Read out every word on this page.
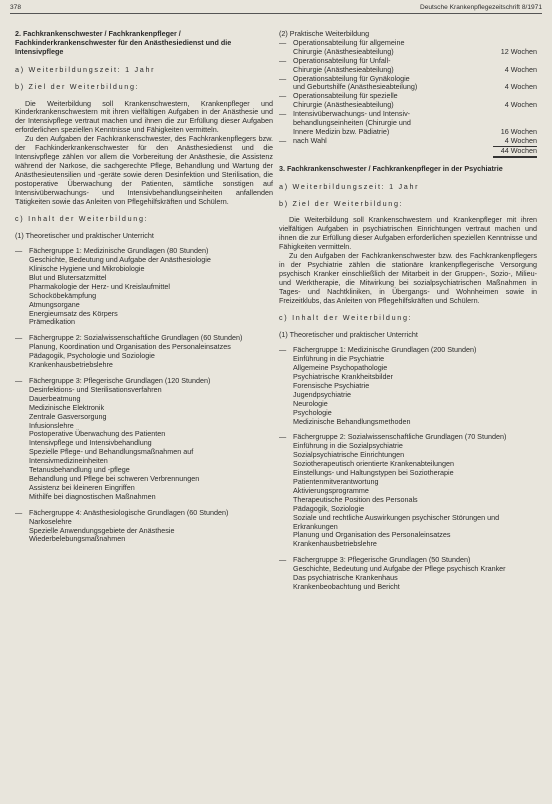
378	Deutsche Krankenpflegezeitschrift 8/1971

2. Fachkrankenschwester / Fachkrankenpfleger / Fachkinderkrankenschwester für den Anästhesiedienst und die Intensivpflege

a) Weiterbildungszeit: 1 Jahr

b) Ziel der Weiterbildung:

Die Weiterbildung soll Krankenschwestern, Krankenpfleger und Kinderkrankenschwestern mit ihren vielfältigen Aufgaben in der Anästhesie und der Intensivpflege vertraut machen und ihnen die zur Erfüllung dieser Aufgaben erforderlichen speziellen Kenntnisse und Fähigkeiten vermitteln.

Zu den Aufgaben der Fachkrankenschwester, des Fachkrankenpflegers bzw. der Fachkinderkrankenschwester für den Anästhesiedienst und die Intensivpflege zählen vor allem die Vorbereitung der Anästhesie, die Assistenz während der Narkose, die sachgerechte Pflege, Behandlung und Wartung der Anästhesieutensilien und -geräte sowie deren Desinfektion und Sterilisation, die postoperative Überwachung der Patienten, sämtliche sonstigen auf Intensivüberwachungs- und Intensivbehandlungseinheiten anfallenden Tätigkeiten sowie das Anleiten von Pflegehilfskräften und Schülern.

c) Inhalt der Weiterbildung:

(1) Theoretischer und praktischer Unterricht

— Fächergruppe 1: Medizinische Grundlagen (80 Stunden)

Geschichte, Bedeutung und Aufgabe der Anästhesiologie

Klinische Hygiene und Mikrobiologie

Blut und Blutersatzmittel

Pharmakologie der Herz- und Kreislaufmittel

Schocköbekämpfung

Atmungsorgane

Energieumsatz des Körpers

Prämedikation

— Fächergruppe 2: Sozialwissenschaftliche Grundlagen (60 Stunden)

Planung, Koordination und Organisation des Personaleinsatzes

Pädagogik, Psychologie und Soziologie

Krankenhausbetriebslehre

— Fächergruppe 3: Pflegerische Grundlagen (120 Stunden)

Desinfektions- und Sterilisationsverfahren

Dauerbeatmung

Medizinische Elektronik

Zentrale Gasversorgung

Infusionslehre

Postoperative Überwachung des Patienten

Intensivpflege und Intensivbehandlung

Spezielle Pflege- und Behandlungsmaßnahmen auf Intensivmedizineinheiten

Tetanusbehandlung und -pflege

Behandlung und Pflege bei schweren Verbrennungen

Assistenz bei kleineren Eingriffen

Mithilfe bei diagnostischen Maßnahmen

— Fächergruppe 4: Anästhesiologische Grundlagen (60 Stunden)

Narkoselehre

Spezielle Anwendungsgebiete der Anästhesie

Wiederbelebungsmaßnahmen

(2) Praktische Weiterbildung

— Operationsabteilung für allgemeine
Chirurgie (Anästhesieabteilung)	12 Wochen
— Operationsabteilung für Unfall-
Chirurgie (Anästhesieabteilung)	4 Wochen
— Operationsabteilung für Gynäkologie
und Geburtshilfe (Anästhesieabteilung)	4 Wochen
— Operationsabteilung für spezielle
Chirurgie (Anästhesieabteilung)	4 Wochen
— Intensivüberwachungs- und Intensiv-
behandlungseinheiten (Chirurgie und
Innere Medizin bzw. Pädiatrie)	16 Wochen
— nach Wahl	4 Wochen
44 Wochen

3. Fachkrankenschwester / Fachkrankenpfleger in der Psychiatrie

a) Weiterbildungszeit: 1 Jahr

b) Ziel der Weiterbildung:

Die Weiterbildung soll Krankenschwestern und Krankenpfleger mit ihren vielfältigen Aufgaben in psychiatrischen Einrichtungen vertraut machen und ihnen die zur Erfüllung dieser Aufgaben erforderlichen speziellen Kenntnisse und Fähigkeiten vermitteln.

Zu den Aufgaben der Fachkrankenschwester bzw. des Fachkrankenpflegers in der Psychiatrie zählen die stationäre krankenpflegerische Versorgung psychisch Kranker einschließlich der Mitarbeit in der Gruppen-, Sozio-, Milieu- und Werktherapie, die Mitwirkung bei sozialpsychiatrischen Maßnahmen in Tages- und Nachtkliniken, in Übergangs- und Wohnheimen sowie in Freizeitklubs, das Anleiten von Pflegehilfskräften und Schülern.

c) Inhalt der Weiterbildung:

(1) Theoretischer und praktischer Unterricht

— Fächergruppe 1: Medizinische Grundlagen (200 Stunden)

Einführung in die Psychiatrie

Allgemeine Psychopathologie

Psychiatrische Krankheitsbilder

Forensische Psychiatrie

Jugendpsychiatrie

Neurologie

Psychologie

Medizinische Behandlungsmethoden

— Fächergruppe 2: Sozialwissenschaftliche Grundlagen (70 Stunden)

Einführung in die Sozialpsychiatrie

Sozialpsychiatrische Einrichtungen

Soziotherapeutisch orientierte Krankenabteilungen

Einstellungs- und Haltungstypen bei Soziotherapie

Patientenmitverantwortung

Aktivierungsprogramme

Therapeutische Position des Personals

Pädagogik, Soziologie

Soziale und rechtliche Auswirkungen psychischer Störungen und Erkrankungen

Planung und Organisation des Personaleinsatzes

Krankenhausbetriebslehre

— Fächergruppe 3: Pflegerische Grundlagen (50 Stunden)

Geschichte, Bedeutung und Aufgabe der Pflege psychisch Kranker

Das psychiatrische Krankenhaus

Krankenbeobachtung und Bericht
